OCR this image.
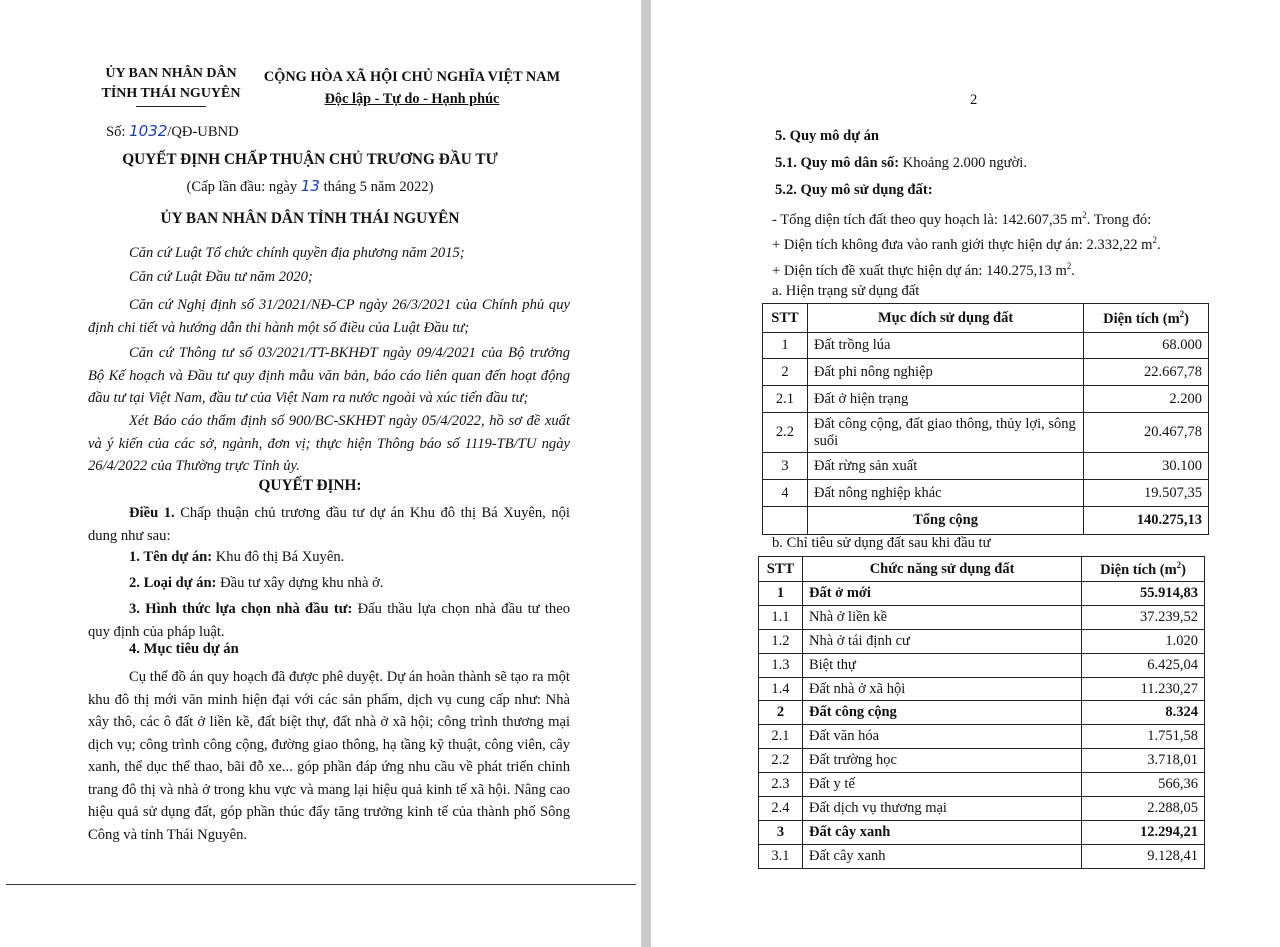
ỦY BAN NHÂN DÂN
TỈNH THÁI NGUYÊN
CỘNG HÒA XÃ HỘI CHỦ NGHĨA VIỆT NAM
Độc lập - Tự do - Hạnh phúc
Số: 1032/QĐ-UBND
QUYẾT ĐỊNH CHẤP THUẬN CHỦ TRƯƠNG ĐẦU TƯ
(Cấp lần đầu: ngày 13 tháng 5 năm 2022)
ỦY BAN NHÂN DÂN TỈNH THÁI NGUYÊN
Căn cứ Luật Tổ chức chính quyền địa phương năm 2015;
Căn cứ Luật Đầu tư năm 2020;
Căn cứ Nghị định số 31/2021/NĐ-CP ngày 26/3/2021 của Chính phủ quy định chi tiết và hướng dẫn thi hành một số điều của Luật Đầu tư;
Căn cứ Thông tư số 03/2021/TT-BKHĐT ngày 09/4/2021 của Bộ trưởng Bộ Kế hoạch và Đầu tư quy định mẫu văn bản, báo cáo liên quan đến hoạt động đầu tư tại Việt Nam, đầu tư của Việt Nam ra nước ngoài và xúc tiến đầu tư;
Xét Báo cáo thẩm định số 900/BC-SKHĐT ngày 05/4/2022, hồ sơ đề xuất và ý kiến của các sở, ngành, đơn vị; thực hiện Thông báo số 1119-TB/TU ngày 26/4/2022 của Thường trực Tỉnh ủy.
QUYẾT ĐỊNH:
Điều 1. Chấp thuận chủ trương đầu tư dự án Khu đô thị Bá Xuyên, nội dung như sau:
1. Tên dự án: Khu đô thị Bá Xuyên.
2. Loại dự án: Đầu tư xây dựng khu nhà ở.
3. Hình thức lựa chọn nhà đầu tư: Đấu thầu lựa chọn nhà đầu tư theo quy định của pháp luật.
4. Mục tiêu dự án
Cụ thể đồ án quy hoạch đã được phê duyệt. Dự án hoàn thành sẽ tạo ra một khu đô thị mới văn minh hiện đại với các sản phẩm, dịch vụ cung cấp như: Nhà xây thô, các ô đất ở liền kề, đất biệt thự, đất nhà ở xã hội; công trình thương mại dịch vụ; công trình công cộng, đường giao thông, hạ tầng kỹ thuật, công viên, cây xanh, thể dục thể thao, bãi đỗ xe... góp phần đáp ứng nhu cầu về phát triển chỉnh trang đô thị và nhà ở trong khu vực và mang lại hiệu quả kinh tế xã hội. Nâng cao hiệu quả sử dụng đất, góp phần thúc đẩy tăng trưởng kinh tế của thành phố Sông Công và tỉnh Thái Nguyên.
2
5. Quy mô dự án
5.1. Quy mô dân số: Khoảng 2.000 người.
5.2. Quy mô sử dụng đất:
- Tổng diện tích đất theo quy hoạch là: 142.607,35 $m^2$. Trong đó:
+ Diện tích không đưa vào ranh giới thực hiện dự án: 2.332,22 $m^2$.
+ Diện tích đề xuất thực hiện dự án: 140.275,13 $m^2$.
a. Hiện trạng sử dụng đất
STT	Mục đích sử dụng đất	Diện tích $(m^2)$
1	Đất trồng lúa	68.000
2	Đất phi nông nghiệp	22.667,78
2.1	Đất ở hiện trạng	2.200
2.2	Đất công cộng, đất giao thông, thủy lợi, sông suối	20.467,78
3	Đất rừng sản xuất	30.100
4	Đất nông nghiệp khác	19.507,35
	Tổng cộng	140.275,13
b. Chỉ tiêu sử dụng đất sau khi đầu tư
STT	Chức năng sử dụng đất	Diện tích $(m^2)$
1	Đất ở mới	55.914,83
1.1	Nhà ở liền kề	37.239,52
1.2	Nhà ở tái định cư	1.020
1.3	Biệt thự	6.425,04
1.4	Đất nhà ở xã hội	11.230,27
2	Đất công cộng	8.324
2.1	Đất văn hóa	1.751,58
2.2	Đất trường học	3.718,01
2.3	Đất y tế	566,36
2.4	Đất dịch vụ thương mại	2.288,05
3	Đất cây xanh	12.294,21
3.1	Đất cây xanh	9.128,41
